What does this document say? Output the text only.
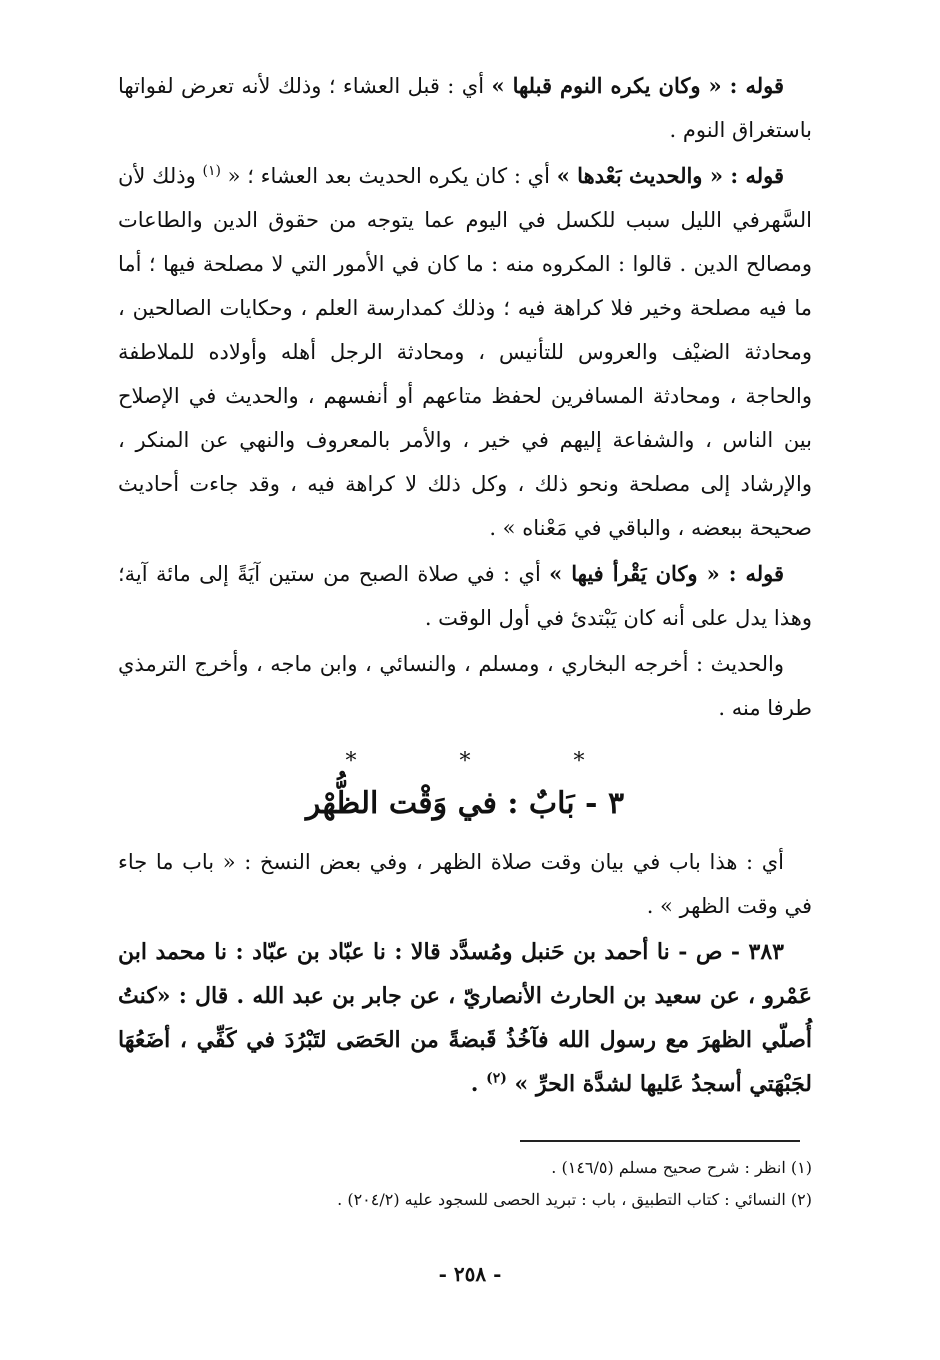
قوله : « وكان يكره النوم قبلها » أي : قبل العشاء ؛ وذلك لأنه تعرض لفواتها باستغراق النوم .

قوله : « والحديث بَعْدها » أي : كان يكره الحديث بعد العشاء ؛ « $^{(١)}$ وذلك لأن السَّهرفي الليل سبب للكسل في اليوم عما يتوجه من حقوق الدين والطاعات ومصالح الدين . قالوا : المكروه منه : ما كان في الأمور التي لا مصلحة فيها ؛ أما ما فيه مصلحة وخير فلا كراهة فيه ؛ وذلك كمدارسة العلم ، وحكايات الصالحين ، ومحادثة الضيْف والعروس للتأنيس ، ومحادثة الرجل أهله وأولاده للملاطفة والحاجة ، ومحادثة المسافرين لحفظ متاعهم أو أنفسهم ، والحديث في الإصلاح بين الناس ، والشفاعة إليهم في خير ، والأمر بالمعروف والنهي عن المنكر ، والإرشاد إلى مصلحة ونحو ذلك ، وكل ذلك لا كراهة فيه ، وقد جاءت أحاديث صحيحة ببعضه ، والباقي في مَعْناه » .

قوله : « وكان يَقْرأ فيها » أي : في صلاة الصبح من ستين آيَةً إلى مائة آية؛ وهذا يدل على أنه كان يَبْتدئ في أول الوقت .

والحديث : أخرجه البخاري ، ومسلم ، والنسائي ، وابن ماجه ، وأخرج الترمذي طرفا منه .

* * *
٣ - بَابٌ : في وَقْت الظُّهْر

أي : هذا باب في بيان وقت صلاة الظهر ، وفي بعض النسخ : « باب ما جاء في وقت الظهر » .

٣٨٣ - ص - نا أحمد بن حَنبل ومُسدَّد قالا : نا عبّاد بن عبّاد : نا محمد ابن عَمْرو ، عن سعيد بن الحارث الأنصاريّ ، عن جابر بن عبد الله . قال : «كنتُ أُصلّي الظهرَ مع رسول الله فآخُذُ قَبضةً من الحَصَى لتَبْرُدَ في كَفِّي ، أضَعُهَا لجَبْهَتي أسجدُ عَليها لشدَّة الحرِّ » $^{(٢)}$ .

(١) انظر : شرح صحيح مسلم (١٤٦/٥) .
(٢) النسائي : كتاب التطبيق ، باب : تبريد الحصى للسجود عليه (٢٠٤/٢) .
- ٢٥٨ -
